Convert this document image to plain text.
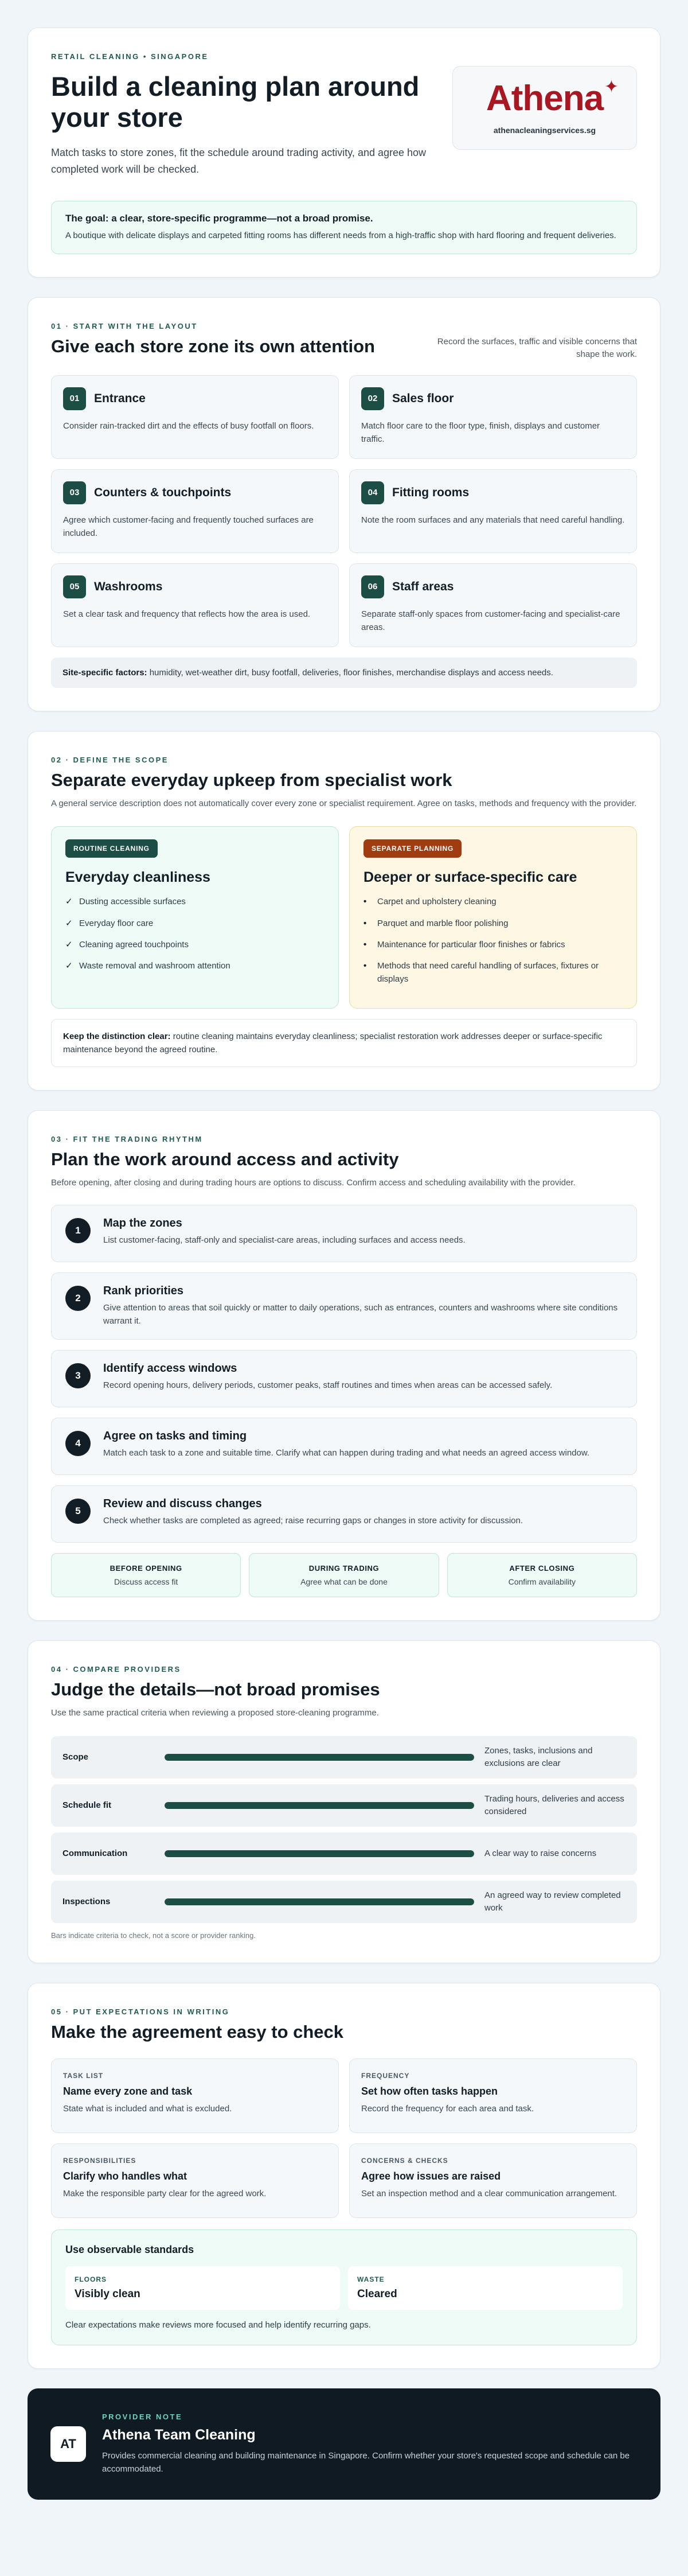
RETAIL CLEANING • SINGAPORE
Build a cleaning plan around your store

Match tasks to store zones, fit the schedule around trading activity, and agree how completed work will be checked.

Athena ✦
athenacleaningservices.sg
The goal: a clear, store-specific programme—not a broad promise.
A boutique with delicate displays and carpeted fitting rooms has different needs from a high-traffic shop with hard flooring and frequent deliveries.
01 · START WITH THE LAYOUT
Give each store zone its own attention	Record the surfaces, traffic and visible concerns that shape the work.
01	Entrance
Consider rain-tracked dirt and the effects of busy footfall on floors.
02	Sales floor
Match floor care to the floor type, finish, displays and customer traffic.
03	Counters & touchpoints
Agree which customer-facing and frequently touched surfaces are included.
04	Fitting rooms
Note the room surfaces and any materials that need careful handling.
05	Washrooms
Set a clear task and frequency that reflects how the area is used.
06	Staff areas
Separate staff-only spaces from customer-facing and specialist-care areas.
Site-specific factors: humidity, wet-weather dirt, busy footfall, deliveries, floor finishes, merchandise displays and access needs.
02 · DEFINE THE SCOPE
Separate everyday upkeep from specialist work

A general service description does not automatically cover every zone or specialist requirement. Agree on tasks, methods and frequency with the provider.

ROUTINE CLEANING
Everyday cleanliness
✓ Dusting accessible surfaces
✓ Everyday floor care
✓ Cleaning agreed touchpoints
✓ Waste removal and washroom attention
SEPARATE PLANNING
Deeper or surface-specific care
•	Carpet and upholstery cleaning
•	Parquet and marble floor polishing
•	Maintenance for particular floor finishes or fabrics
•	Methods that need careful handling of surfaces, fixtures or displays
Keep the distinction clear: routine cleaning maintains everyday cleanliness; specialist restoration work addresses deeper or surface-specific maintenance beyond the agreed routine.
03 · FIT THE TRADING RHYTHM
Plan the work around access and activity

Before opening, after closing and during trading hours are options to discuss. Confirm access and scheduling availability with the provider.

1
Map the zones
List customer-facing, staff-only and specialist-care areas, including surfaces and access needs.
2
Rank priorities
Give attention to areas that soil quickly or matter to daily operations, such as entrances, counters and washrooms where site conditions warrant it.
3
Identify access windows
Record opening hours, delivery periods, customer peaks, staff routines and times when areas can be accessed safely.
4
Agree on tasks and timing
Match each task to a zone and suitable time. Clarify what can happen during trading and what needs an agreed access window.
5
Review and discuss changes
Check whether tasks are completed as agreed; raise recurring gaps or changes in store activity for discussion.
BEFORE OPENING
Discuss access fit
DURING TRADING
Agree what can be done
AFTER CLOSING
Confirm availability
04 · COMPARE PROVIDERS
Judge the details—not broad promises

Use the same practical criteria when reviewing a proposed store-cleaning programme.

Scope
Zones, tasks, inclusions and exclusions are clear
Schedule fit
Trading hours, deliveries and access considered
Communication	A clear way to raise concerns
Inspections
An agreed way to review completed work

Bars indicate criteria to check, not a score or provider ranking.

05 · PUT EXPECTATIONS IN WRITING
Make the agreement easy to check
TASK LIST
Name every zone and task
State what is included and what is excluded.
FREQUENCY
Set how often tasks happen
Record the frequency for each area and task.
RESPONSIBILITIES
Clarify who handles what
Make the responsible party clear for the agreed work.
CONCERNS & CHECKS
Agree how issues are raised
Set an inspection method and a clear communication arrangement.
Use observable standards
FLOORS
Visibly clean
WASTE
Cleared
Clear expectations make reviews more focused and help identify recurring gaps.
AT
PROVIDER NOTE
Athena Team Cleaning
Provides commercial cleaning and building maintenance in Singapore. Confirm whether your store's requested scope and schedule can be accommodated.
